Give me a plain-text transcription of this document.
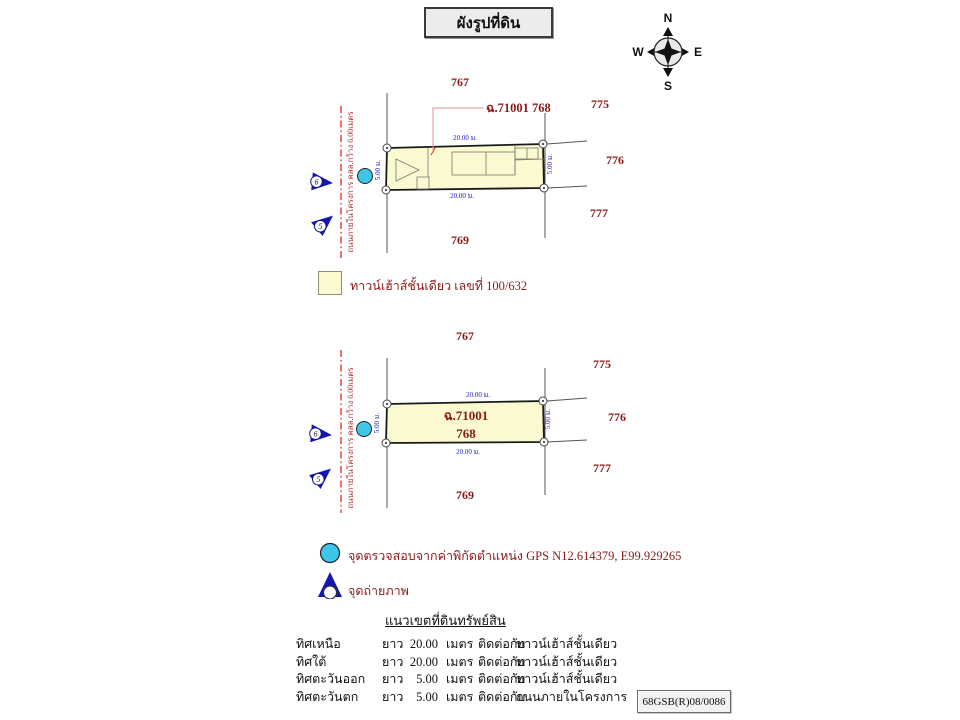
ผังรูปที่ดิน	N
S
W	E
767
775
776
777
769
ถนนภายในโครงการ คสล.กว้าง 6.00เมตร	20.00 ม.
20.00 ม.
5.00 ม.	5.00 ม.
ฉ.71001 768
6
5
ทาวน์เฮ้าส์ชั้นเดียว เลขที่ 100/632
767
775
776
777
769
ถนนภายในโครงการ คสล.กว้าง 6.00เมตร	ฉ.71001
768
20.00 ม.
20.00 ม.
5.00 ม.	5.00 ม.
6
5
จุดตรวจสอบจากค่าพิกัดตำแหน่ง GPS N12.614379, E99.929265
จุดถ่ายภาพ
แนวเขตที่ดินทรัพย์สิน
ทิศเหนือ	ยาว 20.00 เมตร ติดต่อกับ
ทาวน์เฮ้าส์ชั้นเดียว
ทิศใต้	ยาว 20.00 เมตร ติดต่อกับ
ทาวน์เฮ้าส์ชั้นเดียว
ทิศตะวันออก	ยาว	5.00 เมตร ติดต่อกับ
ทาวน์เฮ้าส์ชั้นเดียว
ทิศตะวันตก	ยาว	5.00 เมตร ติดต่อกับ
ถนนภายในโครงการ	68GSB(R)08/0086
